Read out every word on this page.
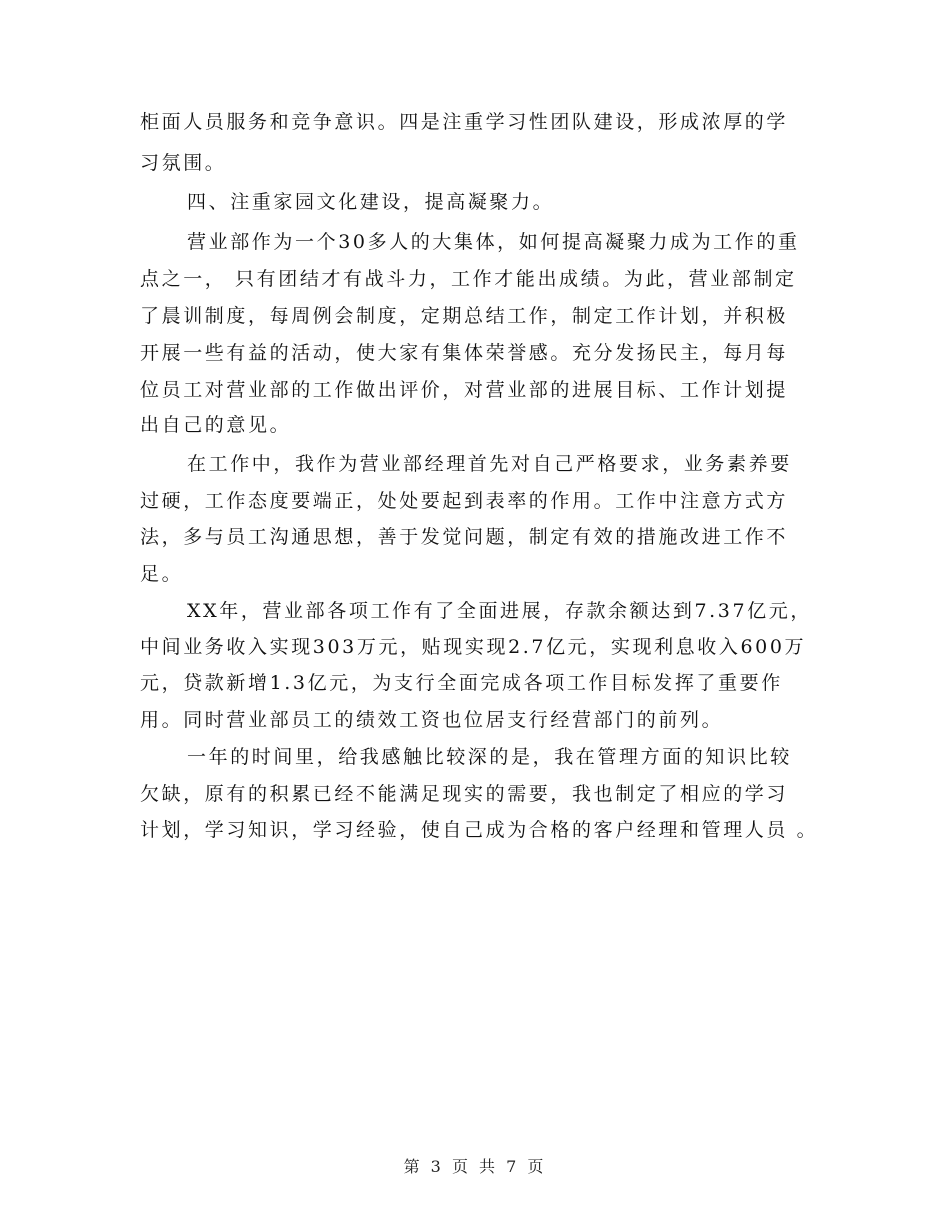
柜面人员服务和竞争意识。四是注重学习性团队建设，形成浓厚的学
习氛围。
四、注重家园文化建设，提高凝聚力。
营业部作为一个30多人的大集体，如何提高凝聚力成为工作的重
点之一， 只有团结才有战斗力，工作才能出成绩。为此，营业部制定
了晨训制度，每周例会制度，定期总结工作，制定工作计划，并积极
开展一些有益的活动，使大家有集体荣誉感。充分发扬民主，每月每
位员工对营业部的工作做出评价，对营业部的进展目标、工作计划提
出自己的意见。
在工作中，我作为营业部经理首先对自己严格要求，业务素养要
过硬，工作态度要端正，处处要起到表率的作用。工作中注意方式方
法，多与员工沟通思想，善于发觉问题，制定有效的措施改进工作不
足。
XX年，营业部各项工作有了全面进展，存款余额达到7.37亿元，
中间业务收入实现303万元，贴现实现2.7亿元，实现利息收入600万
元，贷款新增1.3亿元，为支行全面完成各项工作目标发挥了重要作
用。同时营业部员工的绩效工资也位居支行经营部门的前列。
一年的时间里，给我感触比较深的是，我在管理方面的知识比较
欠缺，原有的积累已经不能满足现实的需要，我也制定了相应的学习
计划，学习知识，学习经验，使自己成为合格的客户经理和管理人员 。
第 3 页 共 7 页
